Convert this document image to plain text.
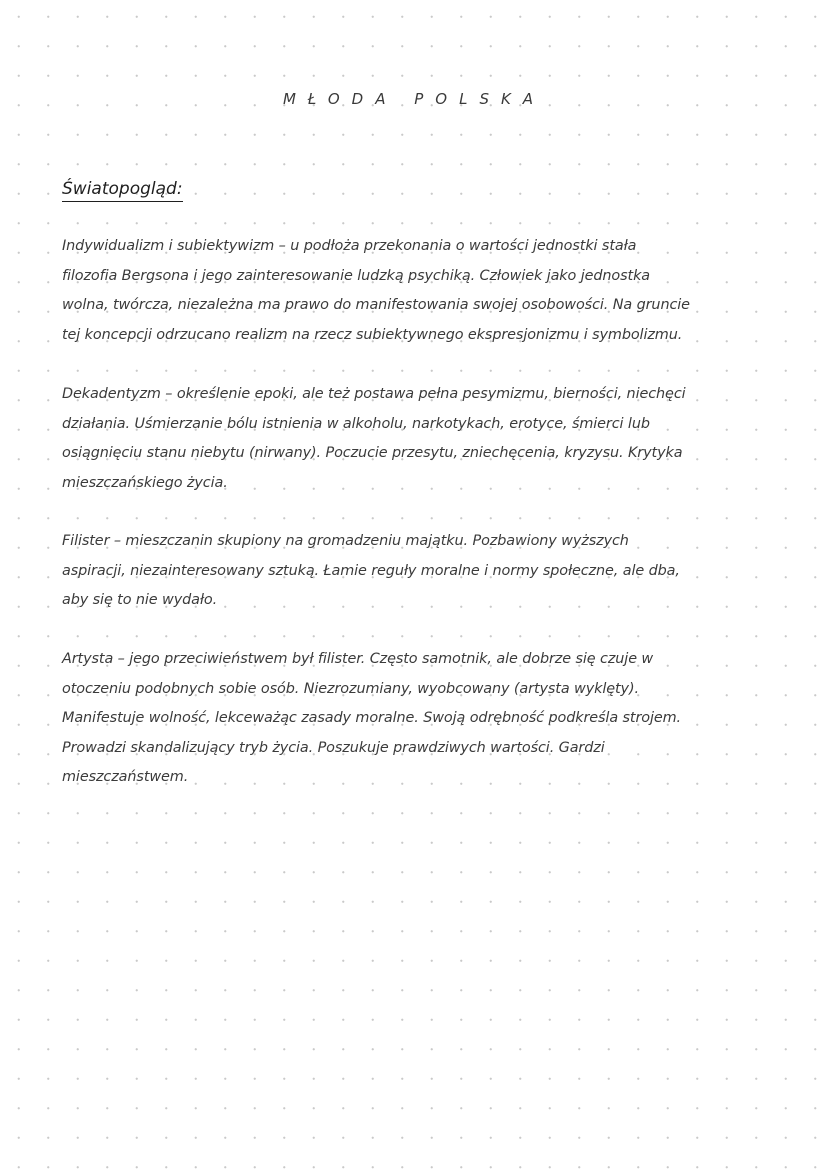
MŁODA POLSKA
Światopogląd:

Indywidualizm i subiektywizm – u podłoża przekonania o wartości jednostki stała
filozofia Bergsona i jego zainteresowanie ludzką psychiką. Człowiek jako jednostka
wolna, twórcza, niezależna ma prawo do manifestowania swojej osobowości. Na gruncie
tej koncepcji odrzucano realizm na rzecz subiektywnego ekspresjonizmu i symbolizmu.

Dekadentyzm – określenie epoki, ale też postawa pełna pesymizmu, bierności, niechęci
działania. Uśmierzanie bólu istnienia w alkoholu, narkotykach, erotyce, śmierci lub
osiągnięciu stanu niebytu (nirwany). Poczucie przesytu, zniechęcenia, kryzysu. Krytyka
mieszczańskiego życia.

Filister – mieszczanin skupiony na gromadzeniu majątku. Pozbawiony wyższych
aspiracji, niezainteresowany sztuką. Łamie reguły moralne i normy społeczne, ale dba,
aby się to nie wydało.

Artysta – jego przeciwieństwem był filister. Często samotnik, ale dobrze się czuje w
otoczeniu podobnych sobie osób. Niezrozumiany, wyobcowany (artysta wyklęty).
Manifestuje wolność, lekceważąc zasady moralne. Swoją odrębność podkreśla strojem.
Prowadzi skandalizujący tryb życia. Poszukuje prawdziwych wartości. Gardzi
mieszczaństwem.
